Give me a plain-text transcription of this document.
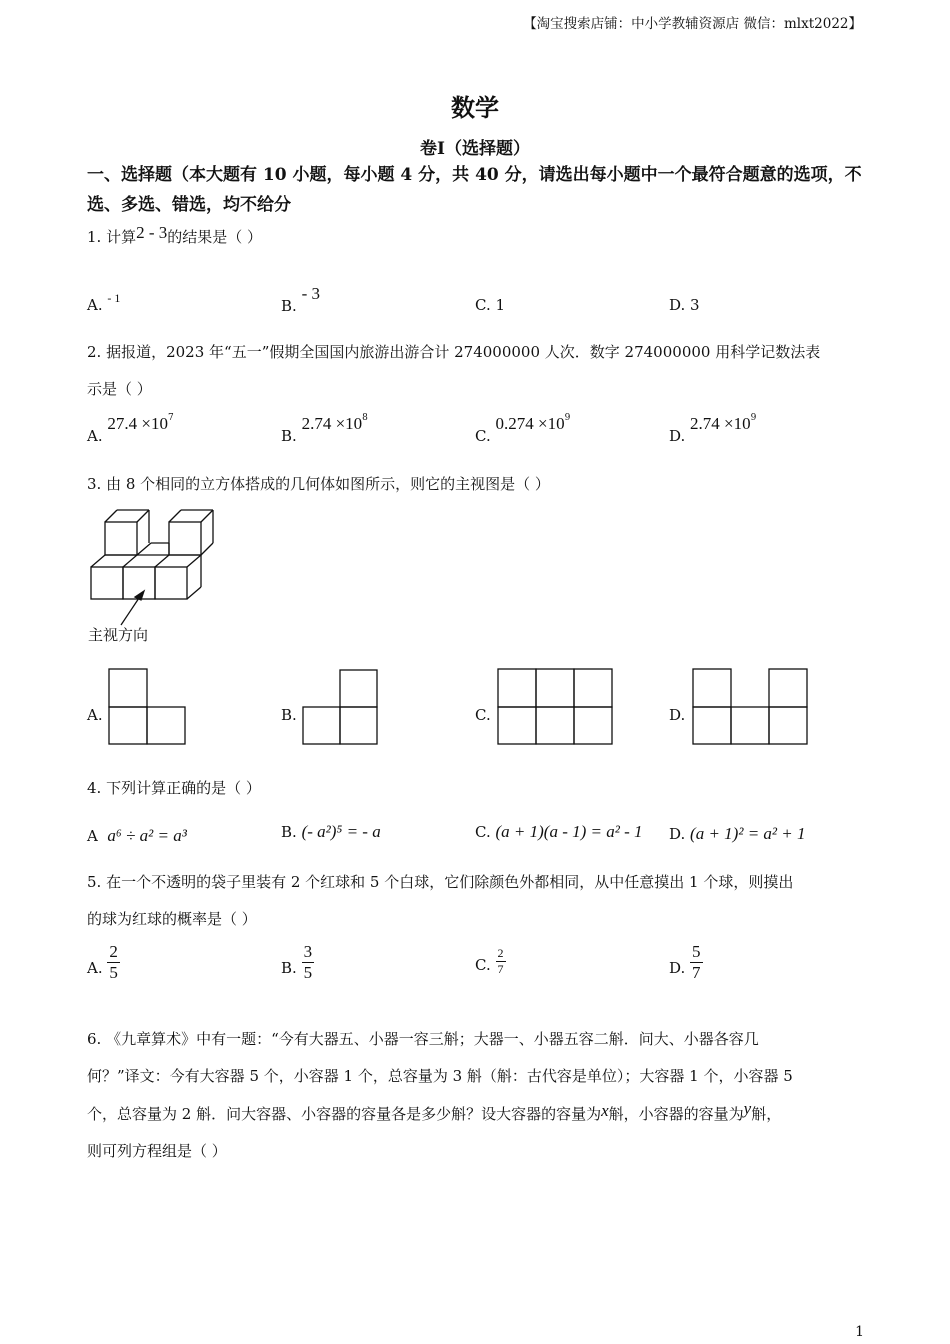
【淘宝搜索店铺：中小学教辅资源店 微信：mlxt2022】
数学
卷Ⅰ（选择题）
一、选择题（本大题有 10 小题，每小题 4 分，共 40 分，请选出每小题中一个最符合题意的选项，不选、多选、错选，均不给分
1. 计算2 - 3的结果是（ ）
A. $^{- 1}$	B. - 3
C. 1	D. 3
2. 据报道，2023 年“五一”假期全国国内旅游出游合计 274000000 人次．数字 274000000 用科学记数法表
示是（ ）
A. $27.4 \times 10^7$
B. $2.74 \times 10^8$
C. $0.274 \times 10^9$
D. $2.74 \times 10^9$
3. 由 8 个相同的立方体搭成的几何体如图所示，则它的主视图是（ ）
主视方向
A.	B.	C.	D.
4. 下列计算正确的是（ ）
A a⁶ ÷ a² = a³	B. (- a²)⁵ = - a	C. (a + 1)(a - 1) = a² - 1 D. (a + 1)² = a² + 1
5. 在一个不透明的袋子里装有 2 个红球和 5 个白球，它们除颜色外都相同，从中任意摸出 1 个球，则摸出
的球为红球的概率是（ ）
A. $\frac{2}{5}$	B. $\frac{3}{5}$	C. $\frac{2}{7}$	D. $\frac{5}{7}$
6. 《九章算术》中有一题：“今有大器五、小器一容三斛；大器一、小器五容二斛．问大、小器各容几
何？”译文：今有大容器 5 个，小容器 1 个，总容量为 3 斛（斛：古代容是单位）；大容器 1 个，小容器 5
个，总容量为 2 斛．问大容器、小容器的容量各是多少斛？设大容器的容量为x斛，小容器的容量为y斛，
则可列方程组是（ ）
1
